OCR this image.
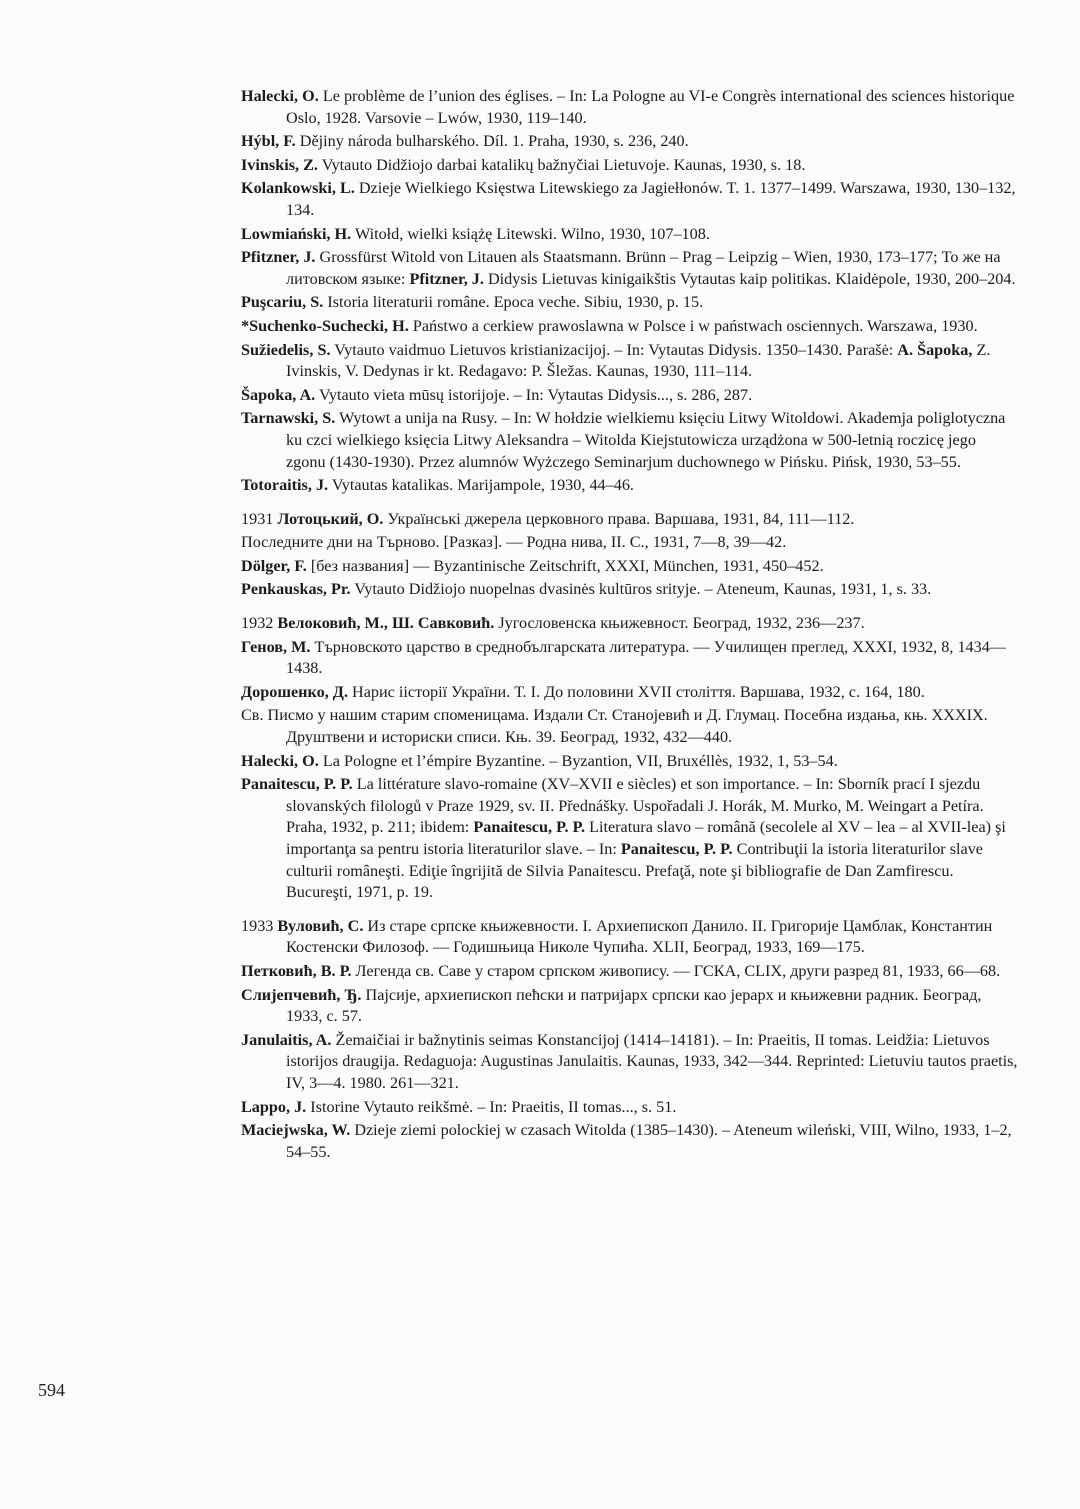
Halecki, O. Le problème de l’union des églises. – In: La Pologne au VI-e Congrès international des sciences historique Oslo, 1928. Varsovie – Lwów, 1930, 119–140.

Hýbl, F. Dějiny národa bulharského. Díl. 1. Praha, 1930, s. 236, 240.

Ivinskis, Z. Vytauto Didžiojo darbai katalikų bažnyčiai Lietuvoje. Kaunas, 1930, s. 18.

Kolankowski, L. Dzieje Wielkiego Księstwa Litewskiego za Jagiełłonów. T. 1. 1377–1499. Warszawa, 1930, 130–132, 134.

Lowmiański, H. Witołd, wielki książę Litewski. Wilno, 1930, 107–108.

Pfitzner, J. Grossfürst Witold von Litauen als Staatsmann. Brünn – Prag – Leipzig – Wien, 1930, 173–177; То же на литовском языке: Pfitzner, J. Didysis Lietuvas kinigaikštis Vytautas kaip politikas. Klaidėpole, 1930, 200–204.

Puşcariu, S. Istoria literaturii române. Epoca veche. Sibiu, 1930, p. 15.

*Suchenko-Suchecki, H. Państwo a cerkiew prawoslawna w Polsce i w państwach osciennych. Warszawa, 1930.

Sužiedelis, S. Vytauto vaidmuo Lietuvos kristianizacijoj. – In: Vytautas Didysis. 1350–1430. Parašė: A. Šapoka, Z. Ivinskis, V. Dedynas ir kt. Redagavo: P. Šležas. Kaunas, 1930, 111–114.

Šapoka, A. Vytauto vieta mūsų istorijoje. – In: Vytautas Didysis..., s. 286, 287.

Tarnawski, S. Wytowt a unija na Rusy. – In: W hołdzie wielkiemu księciu Litwy Witoldowi. Akademja poliglotyczna ku czci wielkiego księcia Litwy Aleksandra – Witolda Kiejstutowicza urządżona w 500-letnią roczicę jego zgonu (1430-1930). Przez alumnów Wyżczego Seminarjum duchownego w Pińsku. Pińsk, 1930, 53–55.

Totoraitis, J. Vytautas katalikas. Marijampole, 1930, 44–46.

1931 Лотоцький, О. Українські джерела церковного права. Варшава, 1931, 84, 111—112.

Последните дни на Търново. [Разказ]. — Родна нива, II. С., 1931, 7—8, 39—42.

Dölger, F. [без названия] — Byzantinische Zeitschrift, XXXI, München, 1931, 450–452.

Penkauskas, Pr. Vytauto Didžiojo nuopelnas dvasinės kultūros srityje. – Ateneum, Kaunas, 1931, 1, s. 33.

1932 Велоковић, М., Ш. Савковић. Југословенска књижевност. Београд, 1932, 236—237.

Генов, М. Търновското царство в среднобългарската литература. — Училищен преглед, XXXI, 1932, 8, 1434—1438.

Дорошенко, Д. Нарис іісторії України. Т. І. До половини XVII століття. Варшава, 1932, с. 164, 180.

Св. Писмо у нашим старим споменицама. Издали Ст. Станојевић и Д. Глумац. Посебна издања, књ. XXXIX. Друштвени и историски списи. Књ. 39. Београд, 1932, 432—440.

Halecki, O. La Pologne et l’émpire Byzantine. – Byzantion, VII, Bruxéllès, 1932, 1, 53–54.

Panaitescu, P. P. La littérature slavo-romaine (XV–XVII e siècles) et son importance. – In: Sborník prací I sjezdu slovanských filologů v Praze 1929, sv. II. Přednášky. Uspořadali J. Horák, M. Murko, M. Weingart a Petíra. Praha, 1932, p. 211; ibidem: Panaitescu, P. P. Literatura slavo – română (secolele al XV – lea – al XVII-lea) şi importanţa sa pentru istoria literaturilor slave. – In: Panaitescu, P. P. Contribuţii la istoria literaturilor slave culturii româneşti. Ediţie îngrijită de Silvia Panaitescu. Prefaţă, note şi bibliografie de Dan Zamfirescu. Bucureşti, 1971, p. 19.

1933 Вуловић, С. Из старе српске књижевности. І. Архиепископ Данило. II. Григорије Цамблак, Константин Костенски Филозоф. — Годишњица Николе Чупића. XLII, Београд, 1933, 169—175.

Петковић, В. Р. Легенда св. Саве у старом српском живопису. — ГСКА, CLIX, други разред 81, 1933, 66—68.

Слијепчевић, Ђ. Пајсије, архиепископ пећски и патријарх српски као јерарх и књижевни радник. Београд, 1933, с. 57.

Janulaitis, A. Žemaičiai ir bažnytinis seimas Konstancijoj (1414–14181). – In: Praeitis, II tomas. Leidžia: Lietuvos istorijos draugija. Redaguoja: Augustinas Janulaitis. Kaunas, 1933, 342—344. Reprinted: Lietuviu tautos praetis, IV, 3—4. 1980. 261—321.

Lappo, J. Istorine Vytauto reikšmė. – In: Praeitis, II tomas..., s. 51.

Maciejwska, W. Dzieje ziemi polockiej w czasach Witolda (1385–1430). – Ateneum wileński, VIII, Wilno, 1933, 1–2, 54–55.

594
